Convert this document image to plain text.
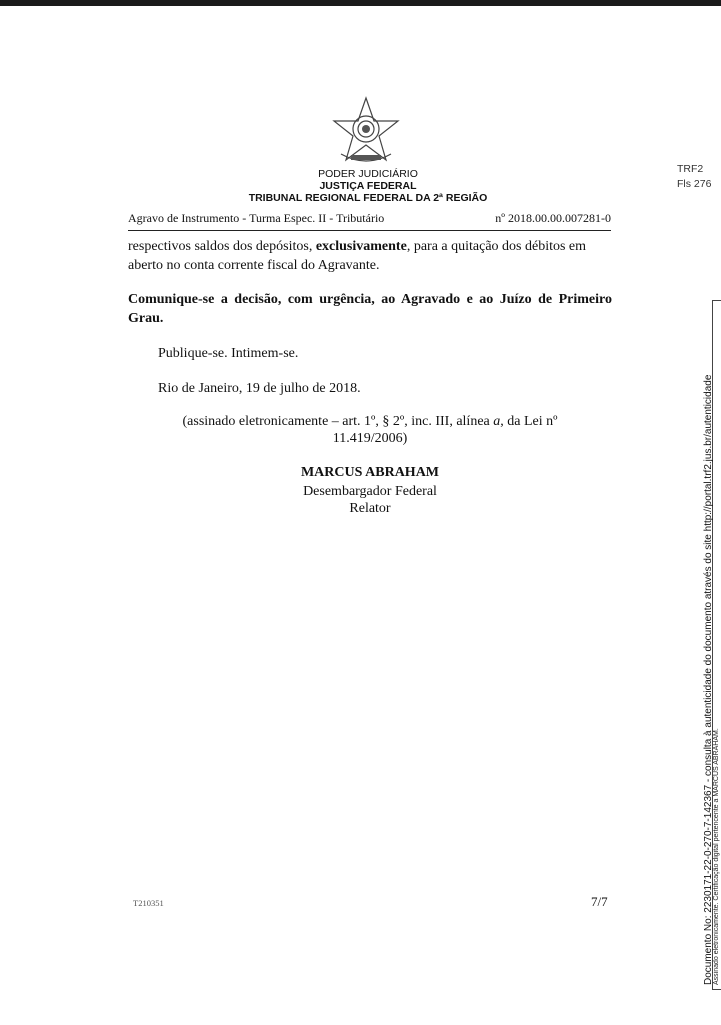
PODER JUDICIÁRIO
JUSTIÇA FEDERAL
TRIBUNAL REGIONAL FEDERAL DA 2ª REGIÃO
TRF2
Fls 276
Agravo de Instrumento - Turma Espec. II - Tributário	nº 2018.00.00.007281-0
respectivos saldos dos depósitos, exclusivamente, para a quitação dos débitos em aberto no conta corrente fiscal do Agravante.
Comunique-se a decisão, com urgência, ao Agravado e ao Juízo de Primeiro Grau.
Publique-se. Intimem-se.
Rio de Janeiro, 19 de julho de 2018.
(assinado eletronicamente – art. 1º, § 2º, inc. III, alínea a, da Lei nº 11.419/2006)
MARCUS ABRAHAM
Desembargador Federal
Relator
T210351	7/7	Assinado eletronicamente. Certificação digital pertencente a MARCUS ABRAHAM.
Documento No: 2230171-22-0-270-7-142367 - consulta à autenticidade do documento através do site http://portal.trf2.jus.br/autenticidade
